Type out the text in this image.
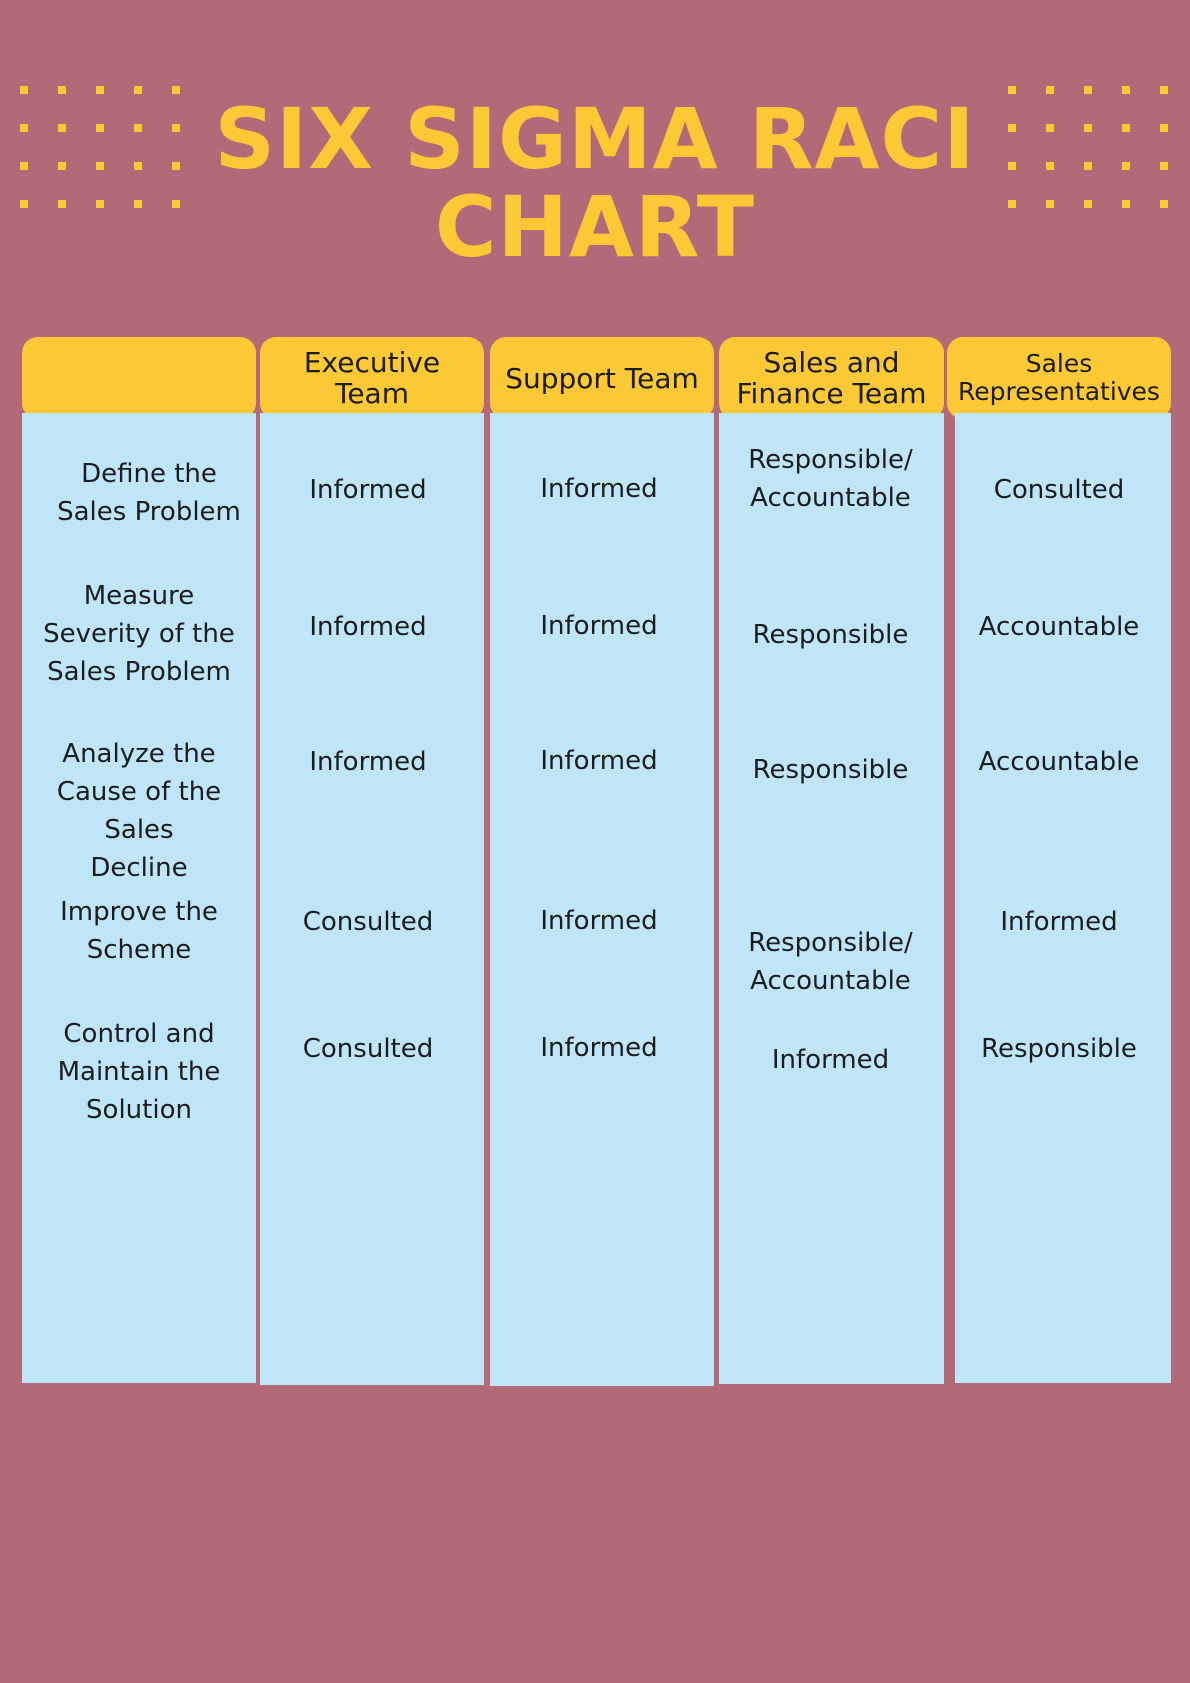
SIX SIGMA RACI CHART
Define the Sales Problem
Measure Severity of the Sales Problem
Analyze the Cause of the Sales Decline
Improve the Scheme
Control and Maintain the Solution
Executive Team
Informed
Informed
Informed
Consulted
Consulted
Support Team
Informed
Informed
Informed
Informed
Informed
Sales and Finance Team
Responsible/ Accountable
Responsible
Responsible
Responsible/ Accountable
Informed
Sales Representatives
Consulted
Accountable
Accountable
Informed
Responsible
